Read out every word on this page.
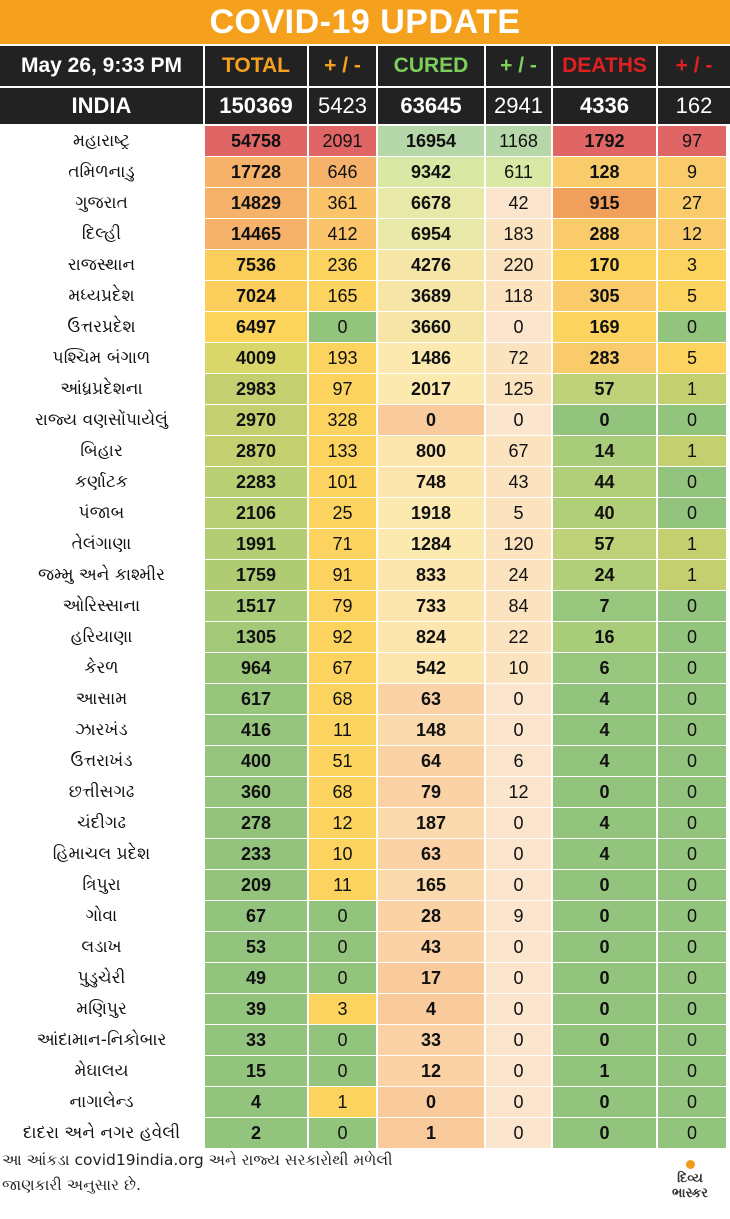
COVID-19 UPDATE
May 26, 9:33 PM	TOTAL	+ / -	CURED	+ / -	DEATHS	+ / -
INDIA	150369	5423	63645	2941	4336	162
મહારાષ્ટ્ર	54758	2091	16954	1168	1792	97
તમિળનાડુ	17728	646	9342	611	128	9
ગુજરાત	14829	361	6678	42	915	27
દિલ્હી	14465	412	6954	183	288	12
રાજસ્થાન	7536	236	4276	220	170	3
મધ્યપ્રદેશ	7024	165	3689	118	305	5
ઉત્તરપ્રદેશ	6497	0	3660	0	169	0
પશ્ચિમ બંગાળ	4009	193	1486	72	283	5
આંધ્રપ્રદેશના	2983	97	2017	125	57	1
રાજ્ય વણસોંપાયેલું	2970	328	0	0	0	0
બિહાર	2870	133	800	67	14	1
કર્ણાટક	2283	101	748	43	44	0
પંજાબ	2106	25	1918	5	40	0
તેલંગાણા	1991	71	1284	120	57	1
જમ્મુ અને કાશ્મીર	1759	91	833	24	24	1
ઓરિસ્સાના	1517	79	733	84	7	0
હરિયાણા	1305	92	824	22	16	0
કેરળ	964	67	542	10	6	0
આસામ	617	68	63	0	4	0
ઝારખંડ	416	11	148	0	4	0
ઉત્તરાખંડ	400	51	64	6	4	0
છત્તીસગઢ	360	68	79	12	0	0
ચંદીગઢ	278	12	187	0	4	0
હિમાચલ પ્રદેશ	233	10	63	0	4	0
ત્રિપુરા	209	11	165	0	0	0
ગોવા	67	0	28	9	0	0
લડાખ	53	0	43	0	0	0
પુડુચેરી	49	0	17	0	0	0
મણિપુર	39	3	4	0	0	0
આંદામાન-નિકોબાર	33	0	33	0	0	0
મેઘાલય	15	0	12	0	1	0
નાગાલેન્ડ	4	1	0	0	0	0
દાદરા અને નગર હવેલી	2	0	1	0	0	0
આ આંકડા covid19india.org અને રાજ્ય સરકારોથી મળેલી
જાણકારી અનુસાર છે.	દિવ્ય
ભાસ્કર
